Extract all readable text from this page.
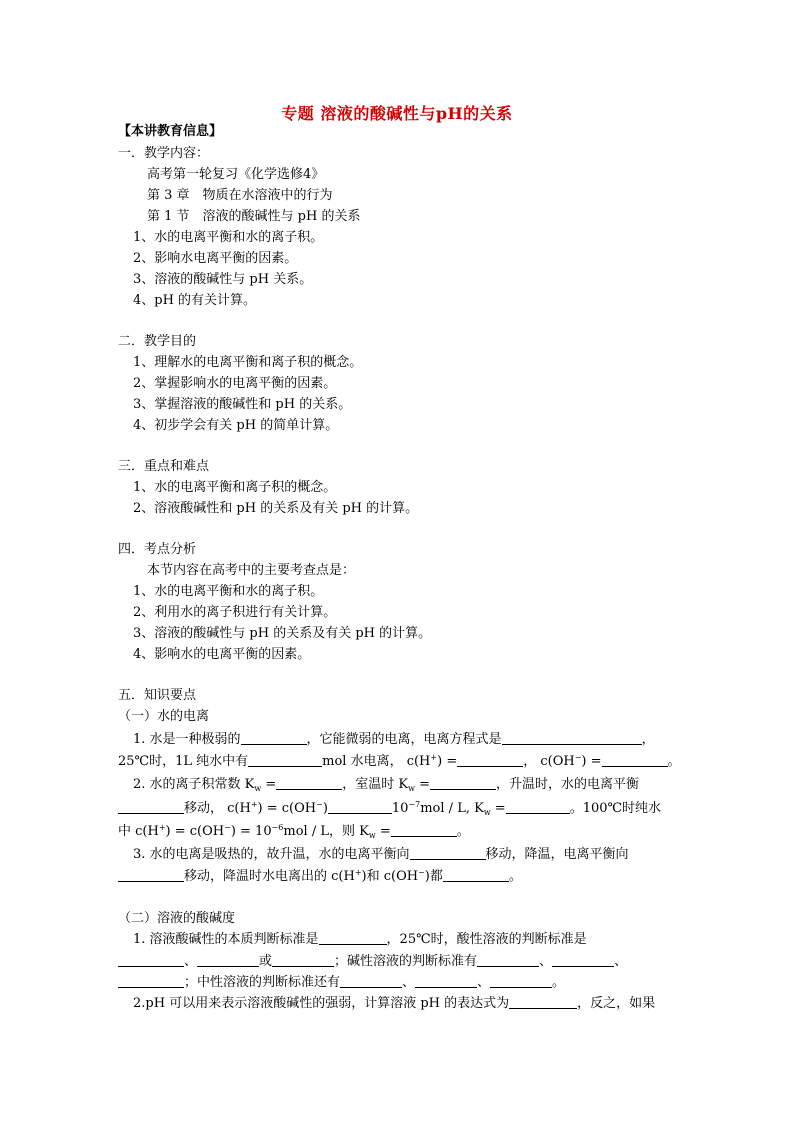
专题 溶液的酸碱性与pH的关系
【本讲教育信息】
一．教学内容：
高考第一轮复习《化学选修4》
第 3 章　物质在水溶液中的行为
第 1 节　溶液的酸碱性与 pH 的关系
1、水的电离平衡和水的离子积。
2、影响水电离平衡的因素。
3、溶液的酸碱性与 pH 关系。
4、pH 的有关计算。
二．教学目的
1、理解水的电离平衡和离子积的概念。
2、掌握影响水的电离平衡的因素。
3、掌握溶液的酸碱性和 pH 的关系。
4、初步学会有关 pH 的简单计算。
三．重点和难点
1、水的电离平衡和离子积的概念。
2、溶液酸碱性和 pH 的关系及有关 pH 的计算。
四．考点分析
本节内容在高考中的主要考查点是：
1、水的电离平衡和水的离子积。
2、利用水的离子积进行有关计算。
3、溶液的酸碱性与 pH 的关系及有关 pH 的计算。
4、影响水的电离平衡的因素。
五．知识要点
（一）水的电离
1. 水是一种极弱的	，它能微弱的电离，电离方程式是	，
25℃时，1L 纯水中有	mol 水电离， c(H+) =	， c(OH−) =	。
2. 水的离子积常数 $K_w$ =	，室温时 $K_w$ =	，升温时，水的电离平衡
移动， c(H+) = c(OH−)	$10^{-7}mol$ / L, $K_w$ =	。100℃时纯水
中 $c(H^+) = c(OH^-) = 10^{-6}mol / L$，则 $K_w$ =	。
3. 水的电离是吸热的，故升温，水的电离平衡向	移动，降温，电离平衡向
移动，降温时水电离出的 c(H+)和 c(OH−)都	。
（二）溶液的酸碱度
1. 溶液酸碱性的本质判断标准是	，25℃时，酸性溶液的判断标准是
、	或	；碱性溶液的判断标准有	、	、
；中性溶液的判断标准还有	、	、	。
2.pH 可以用来表示溶液酸碱性的强弱，计算溶液 pH 的表达式为	，反之，如果
